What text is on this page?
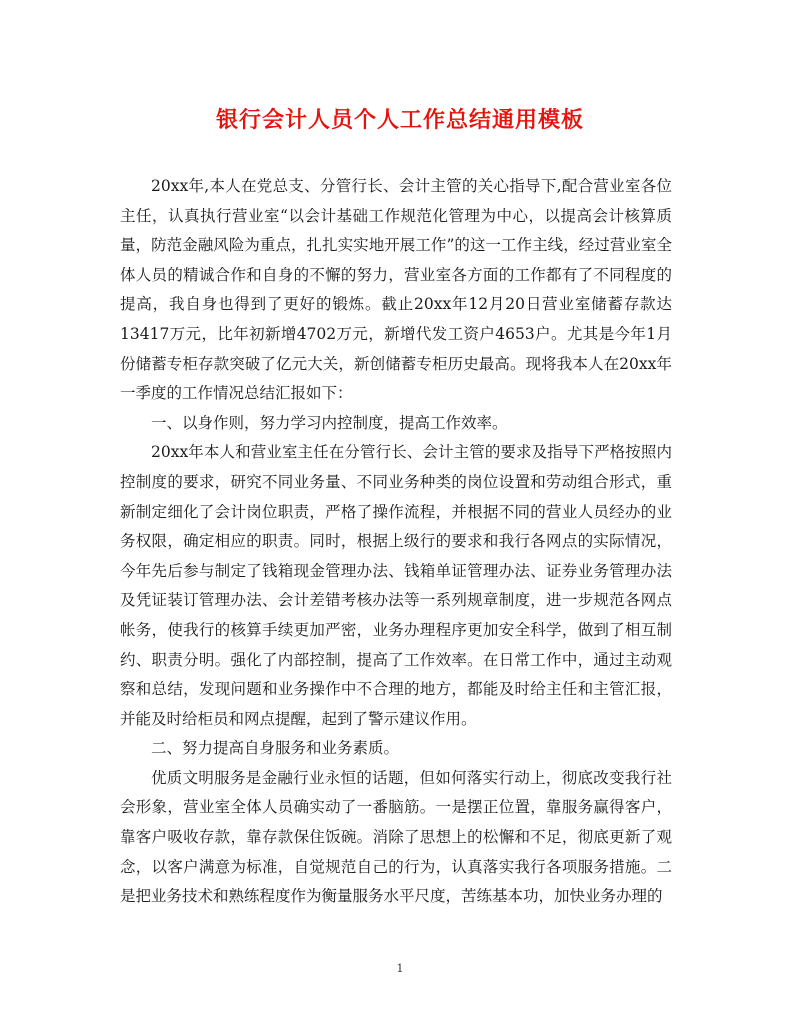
银行会计人员个人工作总结通用模板

20xx年,本人在党总支、分管行长、会计主管的关心指导下,配合营业室各位主任，认真执行营业室“以会计基础工作规范化管理为中心，以提高会计核算质量，防范金融风险为重点，扎扎实实地开展工作”的这一工作主线，经过营业室全体人员的精诚合作和自身的不懈的努力，营业室各方面的工作都有了不同程度的提高，我自身也得到了更好的锻炼。截止20xx年12月20日营业室储蓄存款达13417万元，比年初新增4702万元，新增代发工资户4653户。尤其是今年1月份储蓄专柜存款突破了亿元大关，新创储蓄专柜历史最高。现将我本人在20xx年一季度的工作情况总结汇报如下：

一、以身作则，努力学习内控制度，提高工作效率。

20xx年本人和营业室主任在分管行长、会计主管的要求及指导下严格按照内控制度的要求，研究不同业务量、不同业务种类的岗位设置和劳动组合形式，重新制定细化了会计岗位职责，严格了操作流程，并根据不同的营业人员经办的业务权限，确定相应的职责。同时，根据上级行的要求和我行各网点的实际情况，今年先后参与制定了钱箱现金管理办法、钱箱单证管理办法、证券业务管理办法及凭证装订管理办法、会计差错考核办法等一系列规章制度，进一步规范各网点帐务，使我行的核算手续更加严密，业务办理程序更加安全科学，做到了相互制约、职责分明。强化了内部控制，提高了工作效率。在日常工作中，通过主动观察和总结，发现问题和业务操作中不合理的地方，都能及时给主任和主管汇报，并能及时给柜员和网点提醒，起到了警示建议作用。

二、努力提高自身服务和业务素质。

优质文明服务是金融行业永恒的话题，但如何落实行动上，彻底改变我行社会形象，营业室全体人员确实动了一番脑筋。一是摆正位置，靠服务赢得客户，靠客户吸收存款，靠存款保住饭碗。消除了思想上的松懈和不足，彻底更新了观念，以客户满意为标准，自觉规范自己的行为，认真落实我行各项服务措施。二是把业务技术和熟练程度作为衡量服务水平尺度，苦练基本功，加快业务办理的

1
